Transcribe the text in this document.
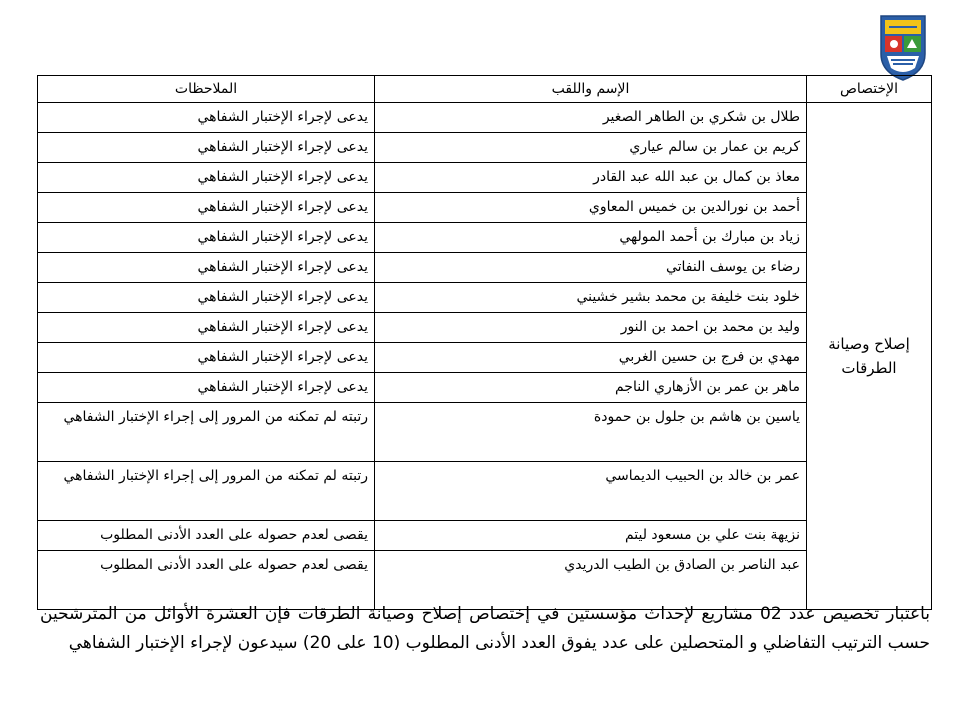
الإختصاص	الإسم واللقب	الملاحظات
إصلاح وصيانة الطرقات	طلال بن شكري بن الطاهر الصغير	يدعى لإجراء الإختبار الشفاهي
	كريم بن عمار بن سالم عياري	يدعى لإجراء الإختبار الشفاهي
	معاذ بن كمال بن عبد الله عبد القادر	يدعى لإجراء الإختبار الشفاهي
	أحمد بن نورالدين بن خميس المعاوي	يدعى لإجراء الإختبار الشفاهي
	زياد بن مبارك بن أحمد المولهي	يدعى لإجراء الإختبار الشفاهي
	رضاء بن يوسف النفاتي	يدعى لإجراء الإختبار الشفاهي
	خلود بنت خليفة بن محمد بشير خشيني	يدعى لإجراء الإختبار الشفاهي
	وليد بن محمد بن احمد بن النور	يدعى لإجراء الإختبار الشفاهي
	مهدي بن فرج بن حسين الغربي	يدعى لإجراء الإختبار الشفاهي
	ماهر بن عمر بن الأزهاري الناجم	يدعى لإجراء الإختبار الشفاهي
	ياسين بن هاشم بن جلول بن حمودة	رتبته لم تمكنه من المرور إلى إجراء الإختبار الشفاهي
	عمر بن خالد بن الحبيب الديماسي	رتبته لم تمكنه من المرور إلى إجراء الإختبار الشفاهي
	نزيهة بنت علي بن مسعود ليتم	يقصى لعدم حصوله على العدد الأدنى المطلوب
	عبد الناصر بن الصادق بن الطيب الدريدي	يقصى لعدم حصوله على العدد الأدنى المطلوب

باعتبار تخصيص عدد 02 مشاريع لإحداث مؤسستين في إختصاص إصلاح وصيانة الطرقات فإن العشرة الأوائل من المترشحين حسب الترتيب التفاضلي و المتحصلين على عدد يفوق العدد الأدنى المطلوب (10 على 20) سيدعون لإجراء الإختبار الشفاهي
